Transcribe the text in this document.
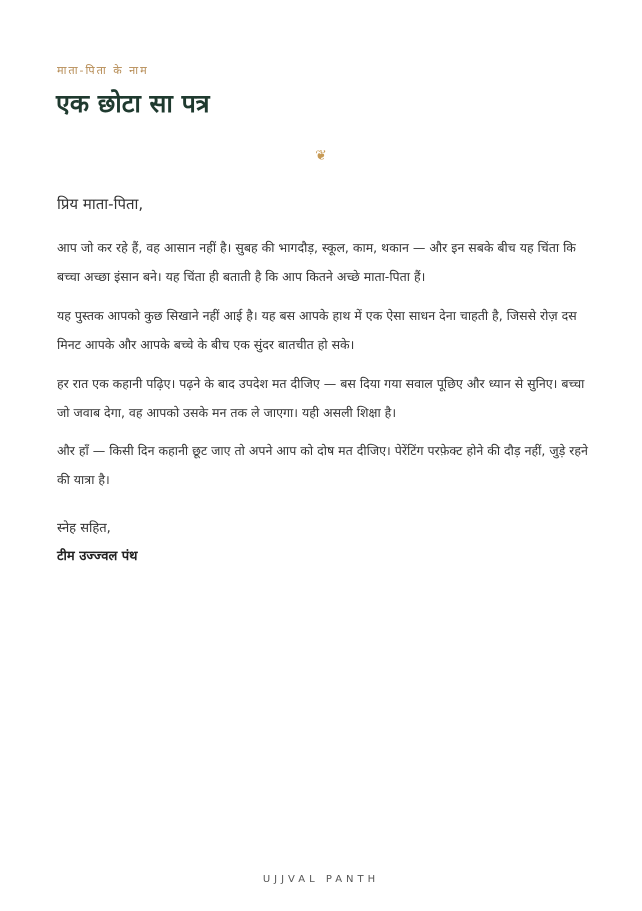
माता-पिता के नाम
एक छोटा सा पत्र
❦
प्रिय माता-पिता,

आप जो कर रहे हैं, वह आसान नहीं है। सुबह की भागदौड़, स्कूल, काम, थकान — और इन सबके बीच यह चिंता कि बच्चा अच्छा इंसान बने। यह चिंता ही बताती है कि आप कितने अच्छे माता-पिता हैं।

यह पुस्तक आपको कुछ सिखाने नहीं आई है। यह बस आपके हाथ में एक ऐसा साधन देना चाहती है, जिससे रोज़ दस मिनट आपके और आपके बच्चे के बीच एक सुंदर बातचीत हो सके।

हर रात एक कहानी पढ़िए। पढ़ने के बाद उपदेश मत दीजिए — बस दिया गया सवाल पूछिए और ध्यान से सुनिए। बच्चा जो जवाब देगा, वह आपको उसके मन तक ले जाएगा। यही असली शिक्षा है।

और हाँ — किसी दिन कहानी छूट जाए तो अपने आप को दोष मत दीजिए। पेरेंटिंग परफ़ेक्ट होने की दौड़ नहीं, जुड़े रहने की यात्रा है।

स्नेह सहित,
टीम उज्ज्वल पंथ
UJJVAL PANTH
